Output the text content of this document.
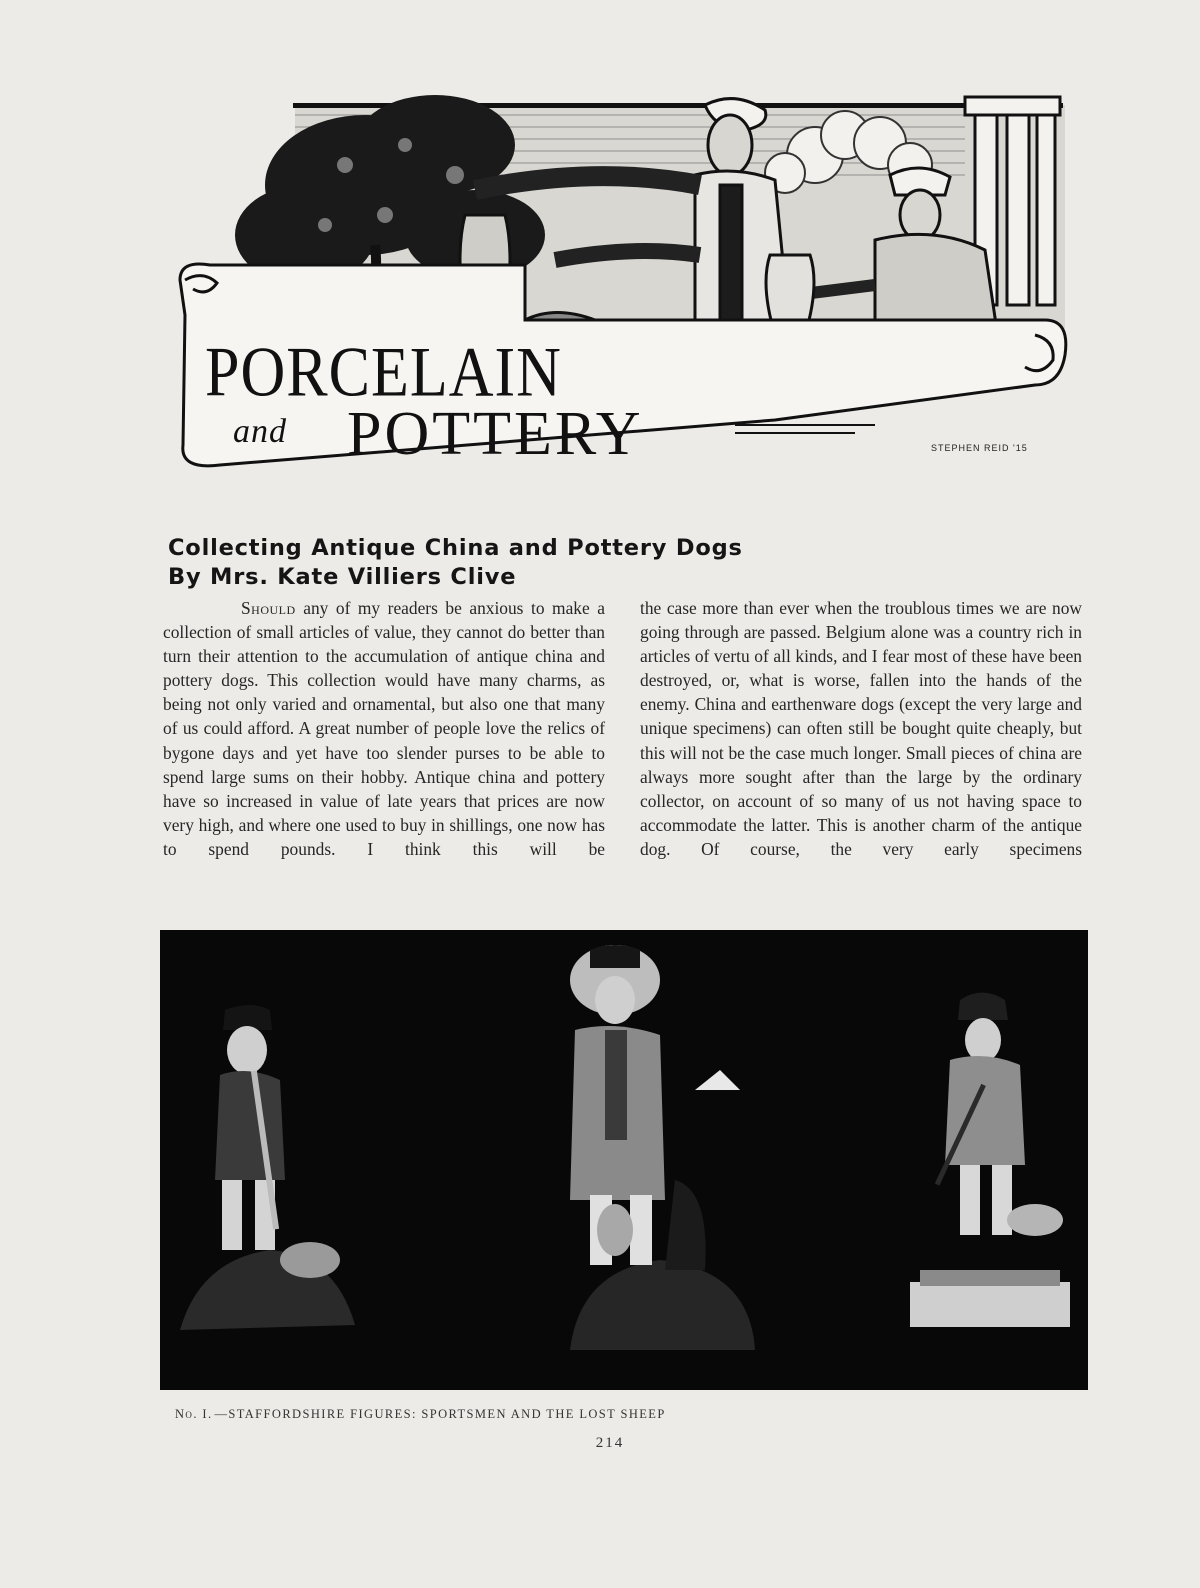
PORCELAIN
and POTTERY	STEPHEN REID '15
Collecting Antique China and Pottery Dogs
By Mrs. Kate Villiers Clive

Should any of my readers be anxious to make a collection of small articles of value, they cannot do better than turn their attention to the accumulation of antique china and pottery dogs. This collection would have many charms, as being not only varied and ornamental, but also one that many of us could afford. A great number of people love the relics of bygone days and yet have too slender purses to be able to spend large sums on their hobby. Antique china and pottery have so increased in value of late years that prices are now very high, and where one used to buy in shillings, one now has to spend pounds. I think this will be

the case more than ever when the troublous times we are now going through are passed. Belgium alone was a country rich in articles of vertu of all kinds, and I fear most of these have been destroyed, or, what is worse, fallen into the hands of the enemy. China and earthenware dogs (except the very large and unique specimens) can often still be bought quite cheaply, but this will not be the case much longer. Small pieces of china are always more sought after than the large by the ordinary collector, on account of so many of us not having space to accommodate the latter. This is another charm of the antique dog. Of course, the very early specimens

No. I. —STAFFORDSHIRE FIGURES: SPORTSMEN AND THE LOST SHEEP
214
